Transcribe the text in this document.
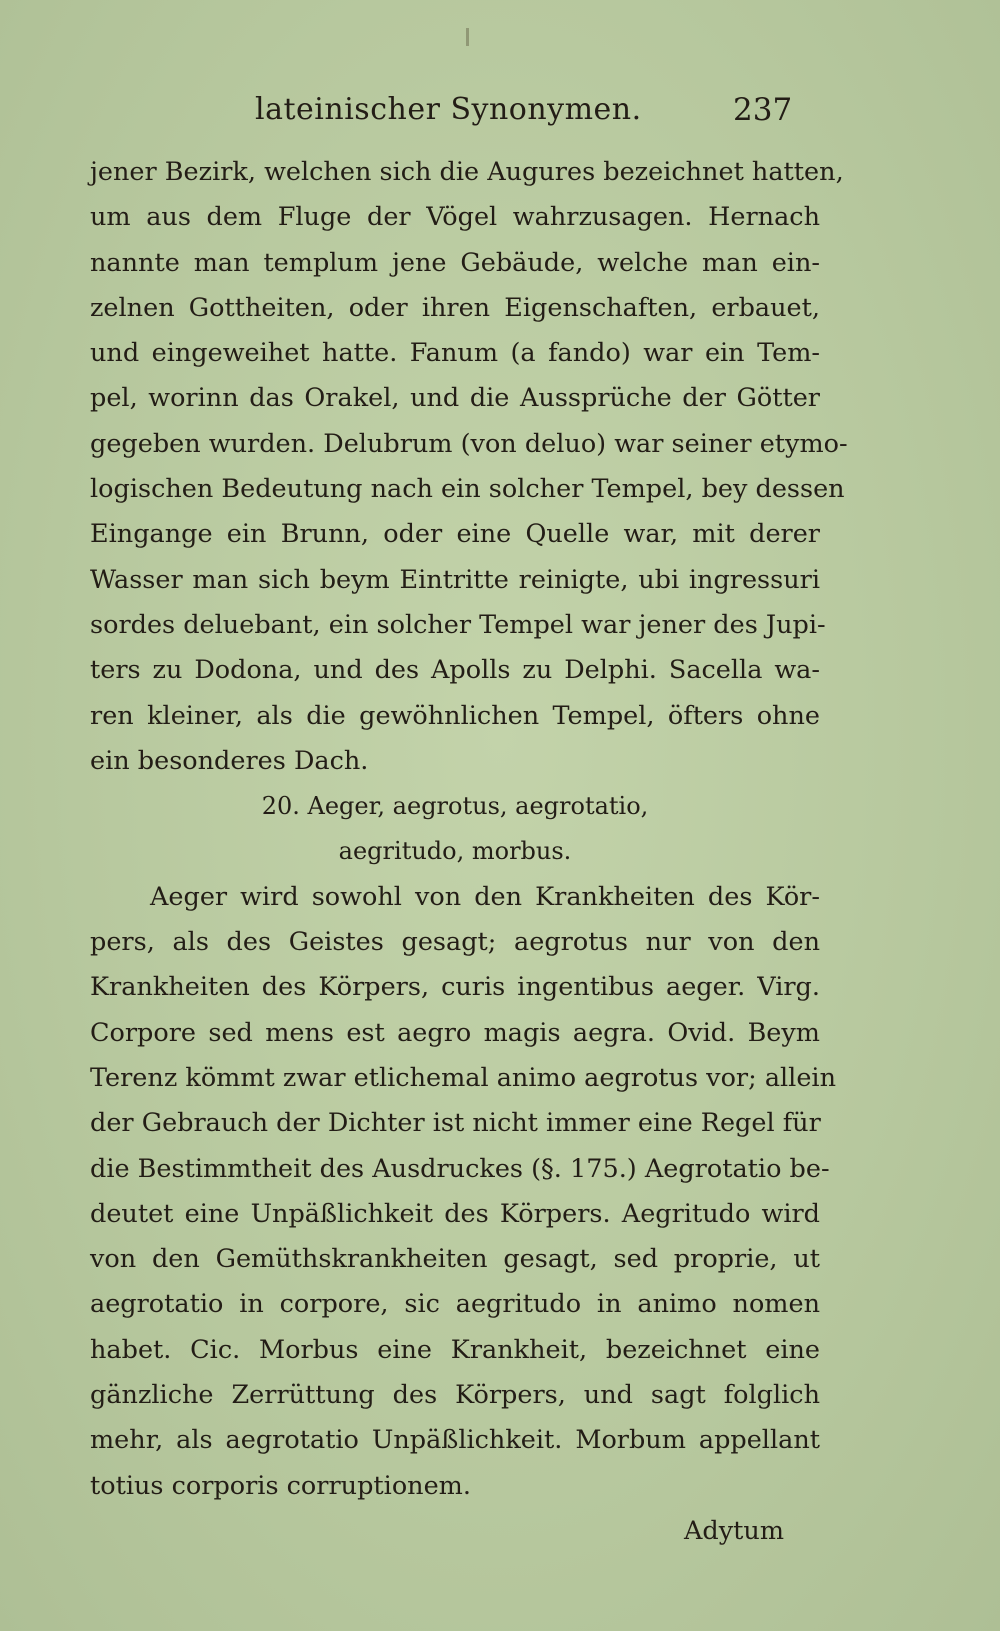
lateinischer Synonymen.	237
jener Bezirk, welchen sich die Augures bezeichnet hatten,
um aus dem Fluge der Vögel wahrzusagen. Hernach
nannte man templum jene Gebäude, welche man ein-
zelnen Gottheiten, oder ihren Eigenschaften, erbauet,
und eingeweihet hatte. Fanum (a fando) war ein Tem-
pel, worinn das Orakel, und die Aussprüche der Götter
gegeben wurden. Delubrum (von deluo) war seiner etymo-
logischen Bedeutung nach ein solcher Tempel, bey dessen
Eingange ein Brunn, oder eine Quelle war, mit derer
Wasser man sich beym Eintritte reinigte, ubi ingressuri
sordes deluebant, ein solcher Tempel war jener des Jupi-
ters zu Dodona, und des Apolls zu Delphi. Sacella wa-
ren kleiner, als die gewöhnlichen Tempel, öfters ohne
ein besonderes Dach.
20. Aeger, aegrotus, aegrotatio,
aegritudo, morbus.
Aeger wird sowohl von den Krankheiten des Kör-
pers, als des Geistes gesagt; aegrotus nur von den
Krankheiten des Körpers, curis ingentibus aeger. Virg.
Corpore sed mens est aegro magis aegra. Ovid. Beym
Terenz kömmt zwar etlichemal animo aegrotus vor; allein
der Gebrauch der Dichter ist nicht immer eine Regel für
die Bestimmtheit des Ausdruckes (§. 175.) Aegrotatio be-
deutet eine Unpäßlichkeit des Körpers. Aegritudo wird
von den Gemüthskrankheiten gesagt, sed proprie, ut
aegrotatio in corpore, sic aegritudo in animo nomen
habet. Cic. Morbus eine Krankheit, bezeichnet eine
gänzliche Zerrüttung des Körpers, und sagt folglich
mehr, als aegrotatio Unpäßlichkeit. Morbum appellant
totius corporis corruptionem.
Adytum
